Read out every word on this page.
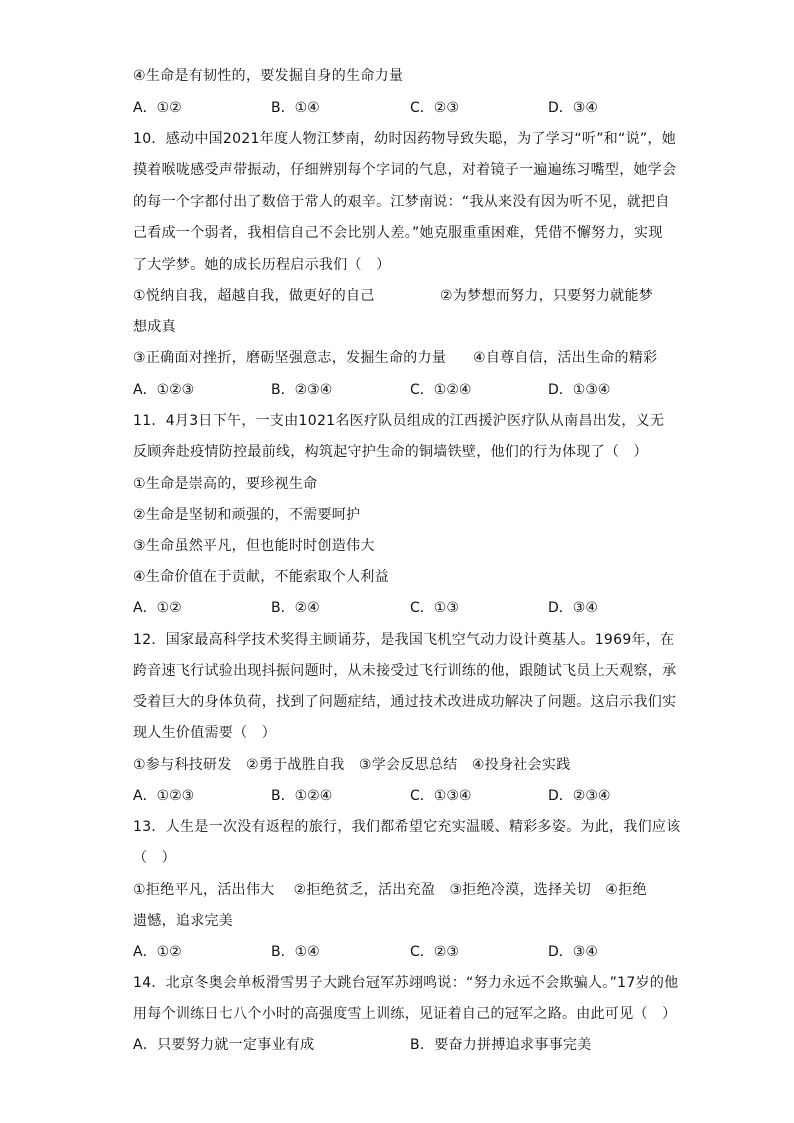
④生命是有韧性的，要发掘自身的生命力量
A．①②	B．①④	C．②③	D．③④
10．感动中国2021年度人物江梦南，幼时因药物导致失聪，为了学习“听”和“说”，她
摸着喉咙感受声带振动，仔细辨别每个字词的气息，对着镜子一遍遍练习嘴型，她学会
的每一个字都付出了数倍于常人的艰辛。江梦南说：“我从来没有因为听不见，就把自
己看成一个弱者，我相信自己不会比别人差。”她克服重重困难，凭借不懈努力，实现
了大学梦。她的成长历程启示我们（　）
①悦纳自我，超越自我，做更好的自己	②为梦想而努力，只要努力就能梦
想成真
③正确面对挫折，磨砺坚强意志，发掘生命的力量 ④自尊自信，活出生命的精彩
A．①②③	B．②③④	C．①②④	D．①③④
11．4月3日下午，一支由1021名医疗队员组成的江西援沪医疗队从南昌出发，义无
反顾奔赴疫情防控最前线，构筑起守护生命的铜墙铁壁，他们的行为体现了（　）
①生命是崇高的，要珍视生命
②生命是坚韧和顽强的，不需要呵护
③生命虽然平凡，但也能时时创造伟大
④生命价值在于贡献，不能索取个人利益
A．①②	B．②④	C．①③	D．③④
12．国家最高科学技术奖得主顾诵芬，是我国飞机空气动力设计奠基人。1969年，在
跨音速飞行试验出现抖振问题时，从未接受过飞行训练的他，跟随试飞员上天观察，承
受着巨大的身体负荷，找到了问题症结，通过技术改进成功解决了问题。这启示我们实
现人生价值需要（　）
①参与科技研发　②勇于战胜自我　③学会反思总结　④投身社会实践
A．①②③	B．①②④	C．①③④	D．②③④
13．人生是一次没有返程的旅行，我们都希望它充实温暖、精彩多姿。为此，我们应该
（　）
①拒绝平凡，活出伟大　 ②拒绝贫乏，活出充盈　③拒绝冷漠，选择关切　④拒绝
遗憾，追求完美
A．①②	B．①④	C．②③	D．③④
14．北京冬奥会单板滑雪男子大跳台冠军苏翊鸣说：“努力永远不会欺骗人。”17岁的他
用每个训练日七八个小时的高强度雪上训练，见证着自己的冠军之路。由此可见（　）
A．只要努力就一定事业有成	B．要奋力拼搏追求事事完美
